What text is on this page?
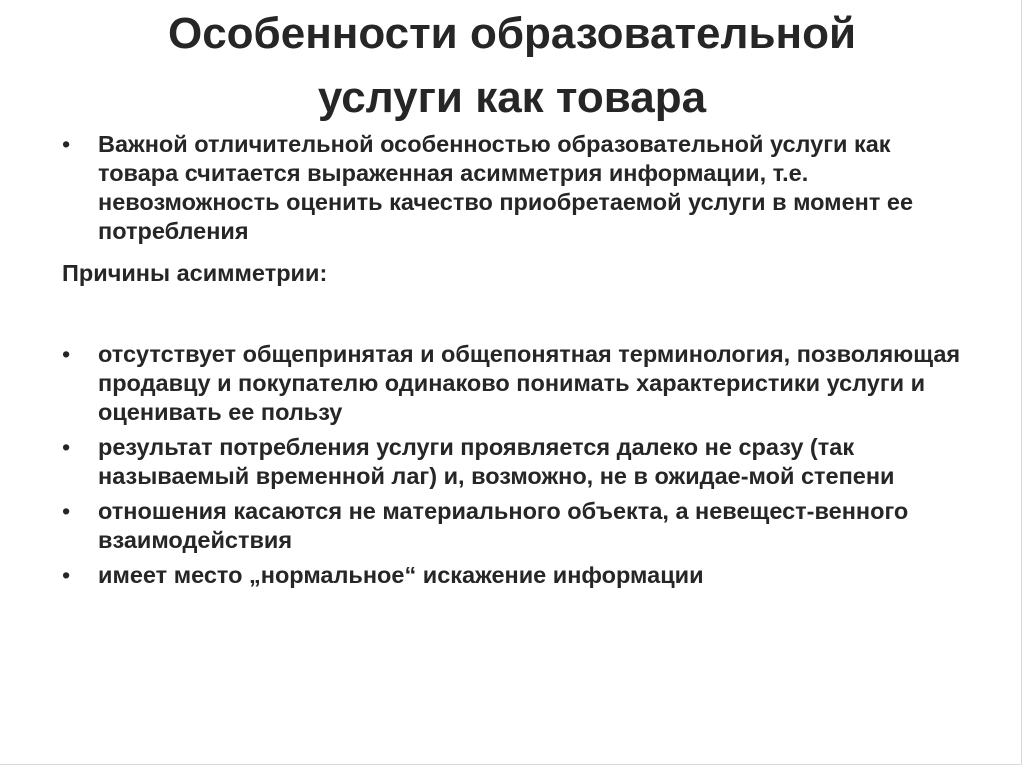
Особенности образовательной
услуги как товара
• Важной отличительной особенностью образовательной услуги как товара считается выраженная асимметрия информации, т.е. невозможность оценить качество приобретаемой услуги в момент ее потребления

Причины асимметрии:

• отсутствует общепринятая и общепонятная терминология, позволяющая продавцу и покупателю одинаково понимать характеристики услуги и оценивать ее пользу
• результат потребления услуги проявляется далеко не сразу (так называемый временной лаг) и, возможно, не в ожидае-мой степени
• отношения касаются не материального объекта, а невещест-венного взаимодействия
• имеет место „нормальное“ искажение информации
